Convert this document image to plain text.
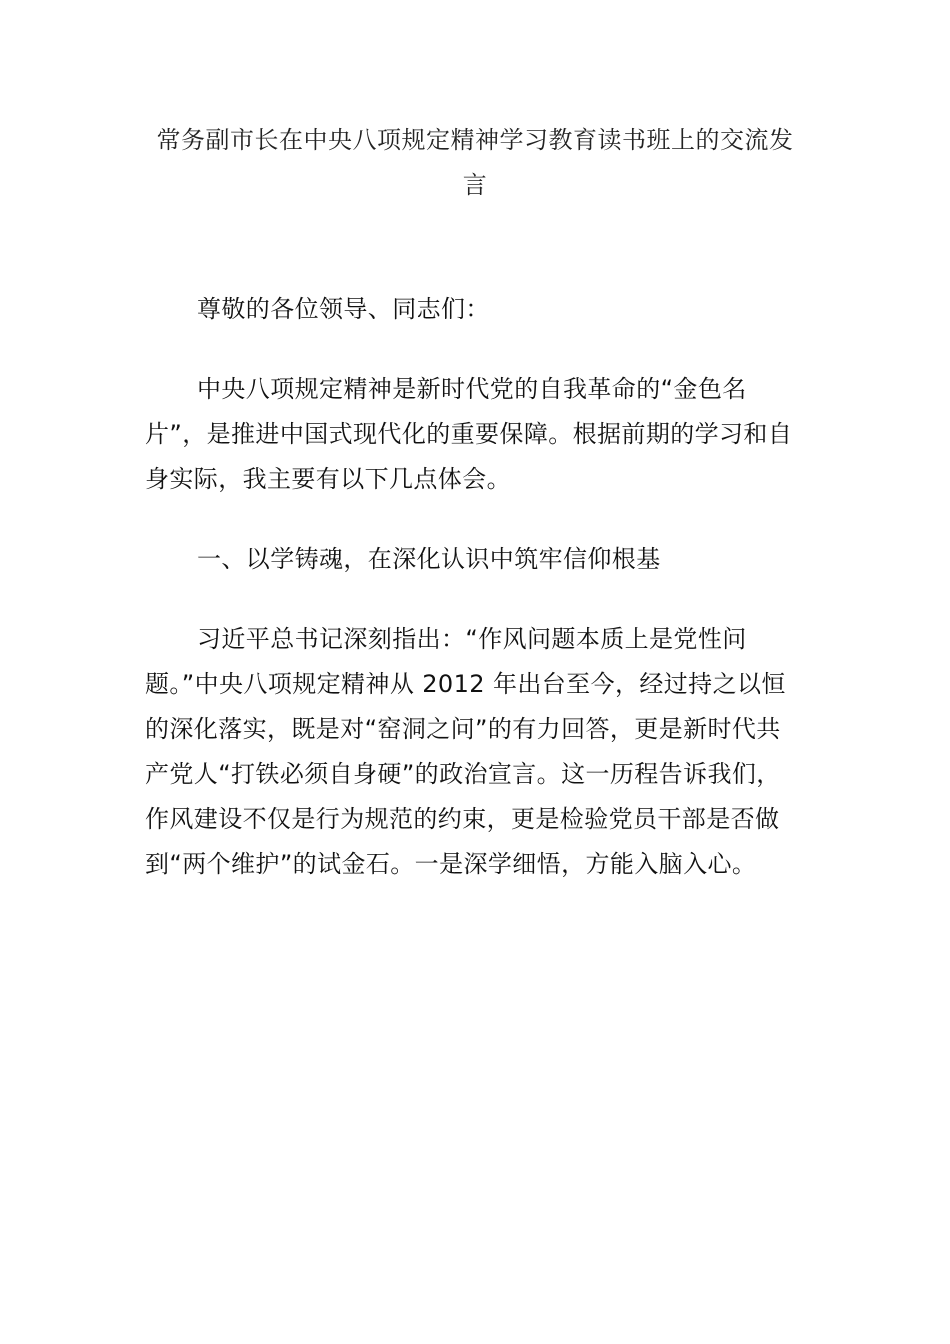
常务副市长在中央八项规定精神学习教育读书班上的交流发言

尊敬的各位领导、同志们：

中央八项规定精神是新时代党的自我革命的“金色名片”，是推进中国式现代化的重要保障。根据前期的学习和自身实际，我主要有以下几点体会。

一、以学铸魂，在深化认识中筑牢信仰根基

习近平总书记深刻指出：“作风问题本质上是党性问题。”中央八项规定精神从 2012 年出台至今，经过持之以恒的深化落实，既是对“窑洞之问”的有力回答，更是新时代共产党人“打铁必须自身硬”的政治宣言。这一历程告诉我们，作风建设不仅是行为规范的约束，更是检验党员干部是否做到“两个维护”的试金石。一是深学细悟，方能入脑入心。
